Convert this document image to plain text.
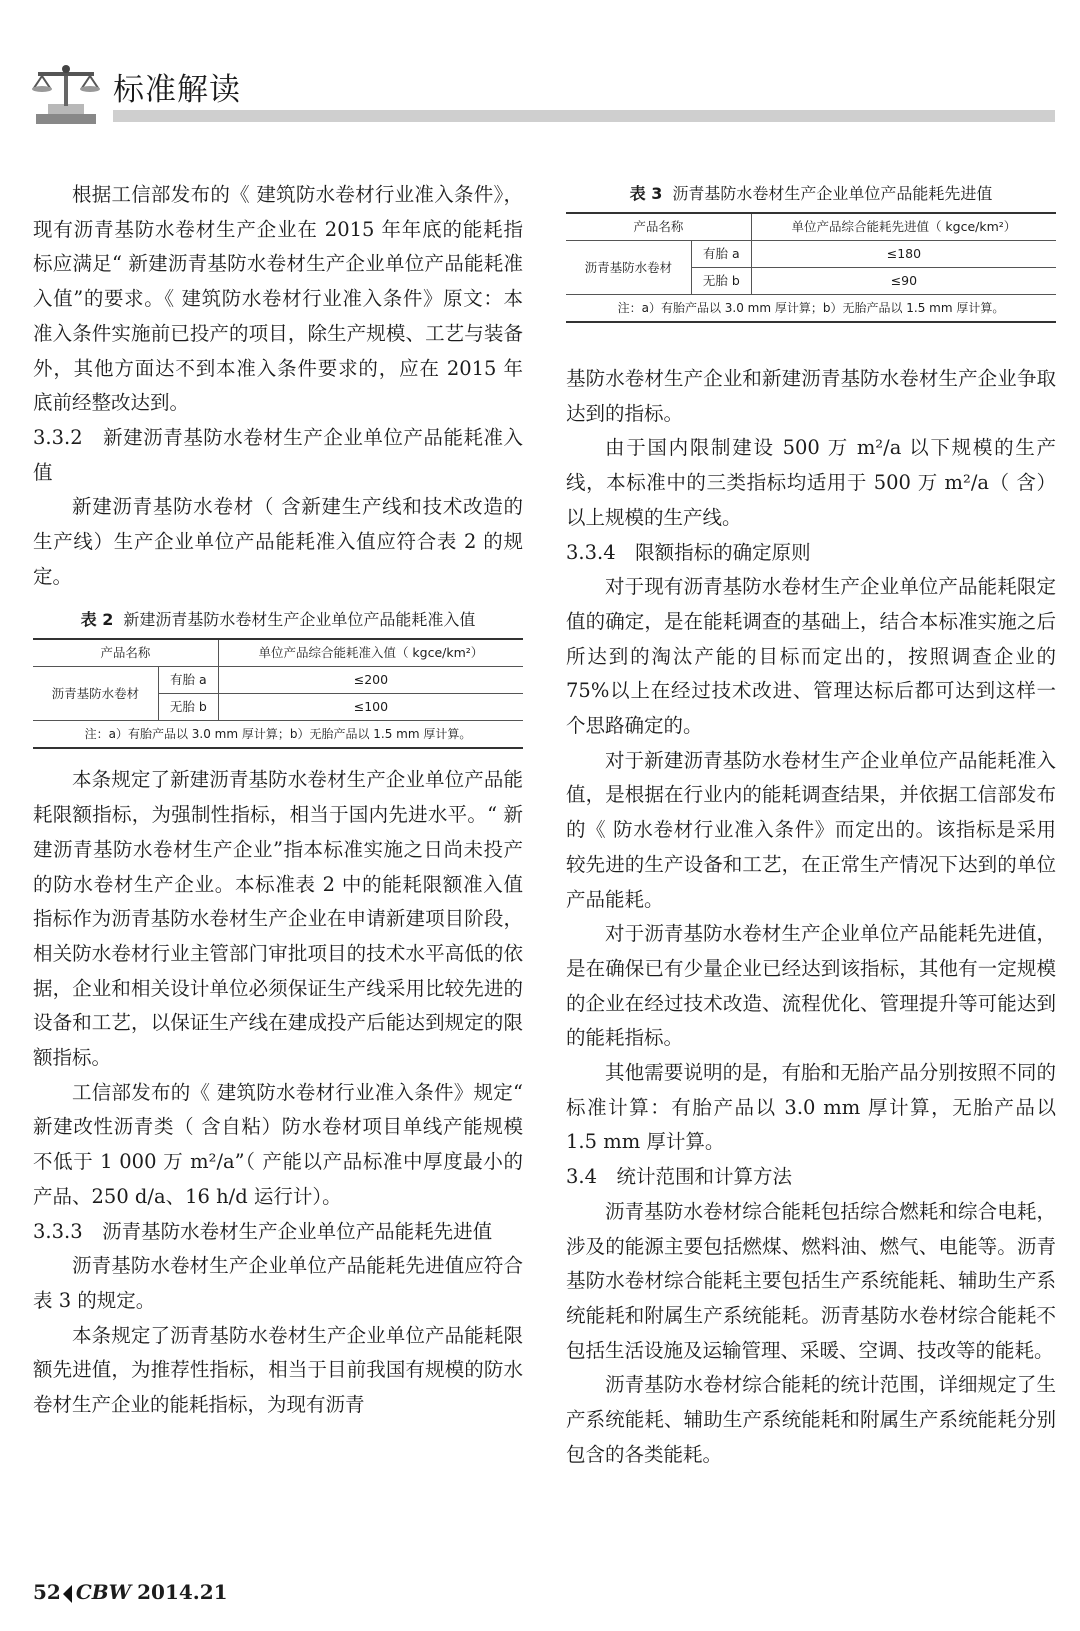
标准解读

根据工信部发布的《 建筑防水卷材行业准入条件》，现有沥青基防水卷材生产企业在 2015 年年底的能耗指标应满足“ 新建沥青基防水卷材生产企业单位产品能耗准入值”的要求。《 建筑防水卷材行业准入条件》原文：本准入条件实施前已投产的项目，除生产规模、工艺与装备外，其他方面达不到本准入条件要求的，应在 2015 年底前经整改达到。

3.3.2　新建沥青基防水卷材生产企业单位产品能耗准入值

新建沥青基防水卷材（ 含新建生产线和技术改造的生产线）生产企业单位产品能耗准入值应符合表 2 的规定。

表 2 新建沥青基防水卷材生产企业单位产品能耗准入值
产品名称		单位产品综合能耗准入值（ kgce/km²）
沥青基防水卷材	有胎 a	≤200
	无胎 b	≤100
注：a）有胎产品以 3.0 mm 厚计算；b）无胎产品以 1.5 mm 厚计算。		

本条规定了新建沥青基防水卷材生产企业单位产品能耗限额指标，为强制性指标，相当于国内先进水平。“ 新建沥青基防水卷材生产企业”指本标准实施之日尚未投产的防水卷材生产企业。本标准表 2 中的能耗限额准入值指标作为沥青基防水卷材生产企业在申请新建项目阶段，相关防水卷材行业主管部门审批项目的技术水平高低的依据，企业和相关设计单位必须保证生产线采用比较先进的设备和工艺，以保证生产线在建成投产后能达到规定的限额指标。

工信部发布的《 建筑防水卷材行业准入条件》规定“ 新建改性沥青类（ 含自粘）防水卷材项目单线产能规模不低于 1 000 万 m²/a”（ 产能以产品标准中厚度最小的产品、250 d/a、16 h/d 运行计）。

3.3.3　沥青基防水卷材生产企业单位产品能耗先进值

沥青基防水卷材生产企业单位产品能耗先进值应符合表 3 的规定。

本条规定了沥青基防水卷材生产企业单位产品能耗限额先进值，为推荐性指标，相当于目前我国有规模的防水卷材生产企业的能耗指标，为现有沥青

表 3 沥青基防水卷材生产企业单位产品能耗先进值
产品名称		单位产品综合能耗先进值（ kgce/km²）
沥青基防水卷材	有胎 a	≤180
	无胎 b	≤90
注：a）有胎产品以 3.0 mm 厚计算；b）无胎产品以 1.5 mm 厚计算。		

基防水卷材生产企业和新建沥青基防水卷材生产企业争取达到的指标。

由于国内限制建设 500 万 m²/a 以下规模的生产线，本标准中的三类指标均适用于 500 万 m²/a（ 含）以上规模的生产线。

3.3.4　限额指标的确定原则

对于现有沥青基防水卷材生产企业单位产品能耗限定值的确定，是在能耗调查的基础上，结合本标准实施之后所达到的淘汰产能的目标而定出的，按照调查企业的 75%以上在经过技术改进、管理达标后都可达到这样一个思路确定的。

对于新建沥青基防水卷材生产企业单位产品能耗准入值，是根据在行业内的能耗调查结果，并依据工信部发布的《 防水卷材行业准入条件》而定出的。该指标是采用较先进的生产设备和工艺，在正常生产情况下达到的单位产品能耗。

对于沥青基防水卷材生产企业单位产品能耗先进值，是在确保已有少量企业已经达到该指标，其他有一定规模的企业在经过技术改造、流程优化、管理提升等可能达到的能耗指标。

其他需要说明的是，有胎和无胎产品分别按照不同的标准计算：有胎产品以 3.0 mm 厚计算，无胎产品以 1.5 mm 厚计算。

3.4　统计范围和计算方法

沥青基防水卷材综合能耗包括综合燃耗和综合电耗，涉及的能源主要包括燃煤、燃料油、燃气、电能等。沥青基防水卷材综合能耗主要包括生产系统能耗、辅助生产系统能耗和附属生产系统能耗。沥青基防水卷材综合能耗不包括生活设施及运输管理、采暖、空调、技改等的能耗。

沥青基防水卷材综合能耗的统计范围，详细规定了生产系统能耗、辅助生产系统能耗和附属生产系统能耗分别包含的各类能耗。

52 CBW 2014.21
